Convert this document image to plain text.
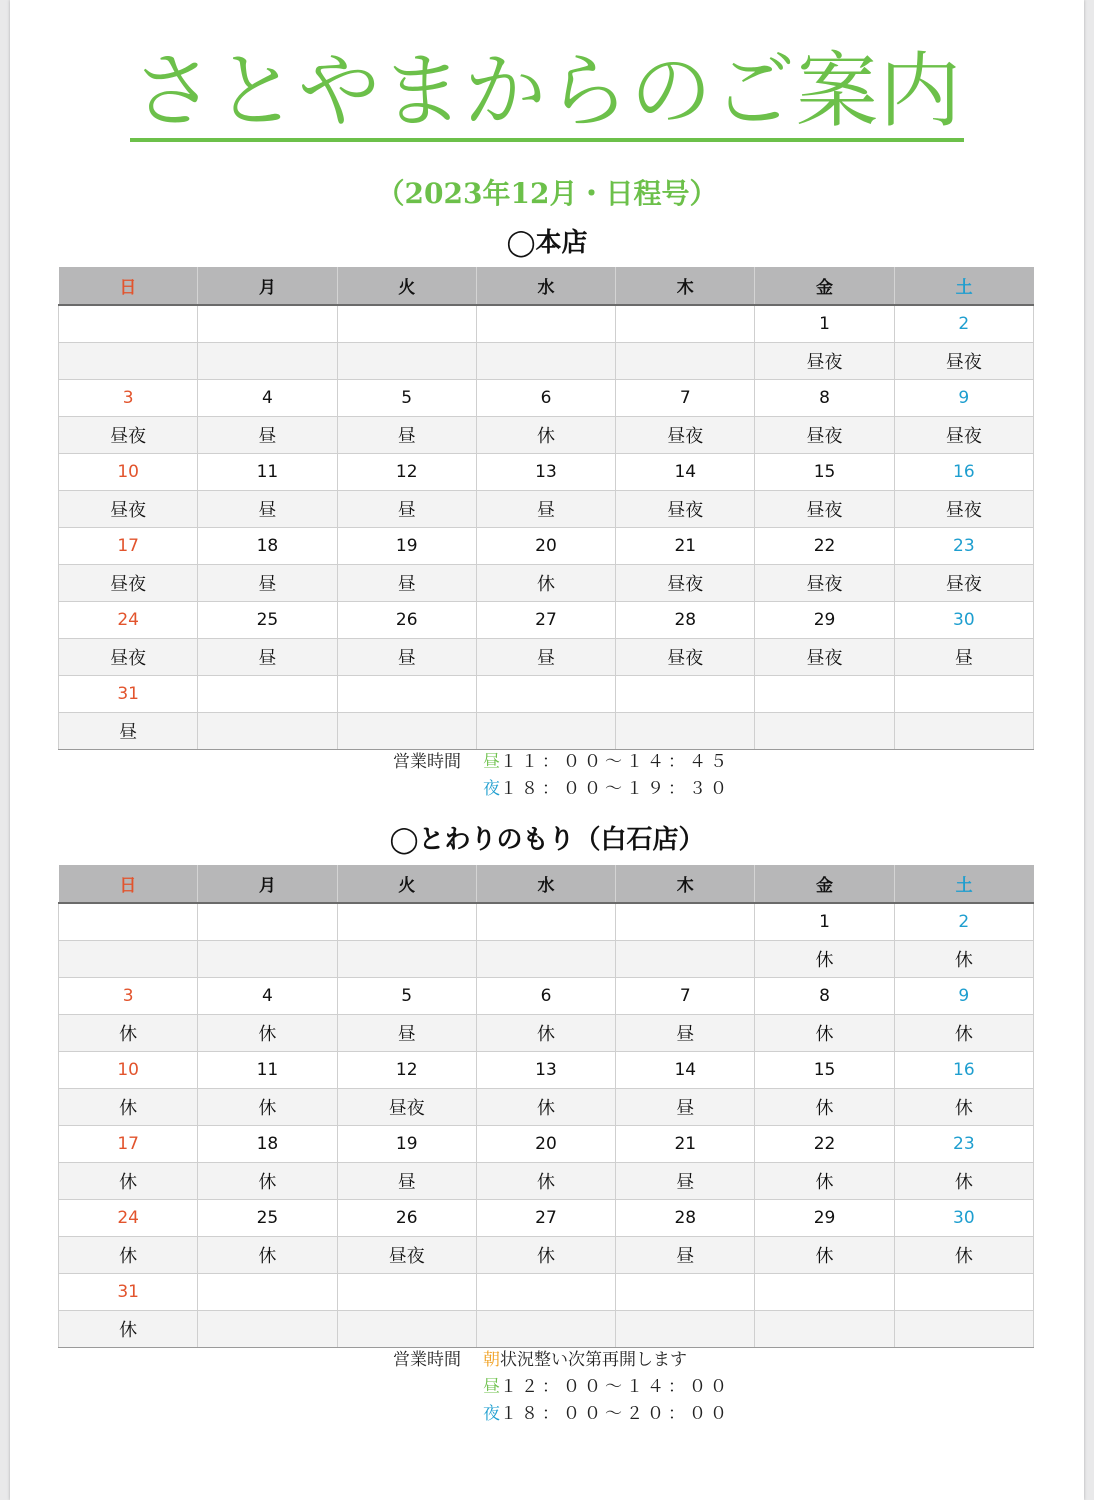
さとやまからのご案内
（2023年12月・日程号）
◯本店
日	月	火	水	木	金	土
					1	2
					昼夜	昼夜
3	4	5	6	7	8	9
昼夜	昼	昼	休	昼夜	昼夜	昼夜
10	11	12	13	14	15	16
昼夜	昼	昼	昼	昼夜	昼夜	昼夜
17	18	19	20	21	22	23
昼夜	昼	昼	休	昼夜	昼夜	昼夜
24	25	26	27	28	29	30
昼夜	昼	昼	昼	昼夜	昼夜	昼
31						
昼						
営業時間 昼１１：００〜１４：４５
夜１８：００〜１９：３０
◯とわりのもり（白石店）
日	月	火	水	木	金	土
					1	2
					休	休
3	4	5	6	7	8	9
休	休	昼	休	昼	休	休
10	11	12	13	14	15	16
休	休	昼夜	休	昼	休	休
17	18	19	20	21	22	23
休	休	昼	休	昼	休	休
24	25	26	27	28	29	30
休	休	昼夜	休	昼	休	休
31						
休						
営業時間 朝状況整い次第再開します
昼１２：００〜１４：００
夜１８：００〜２０：００
